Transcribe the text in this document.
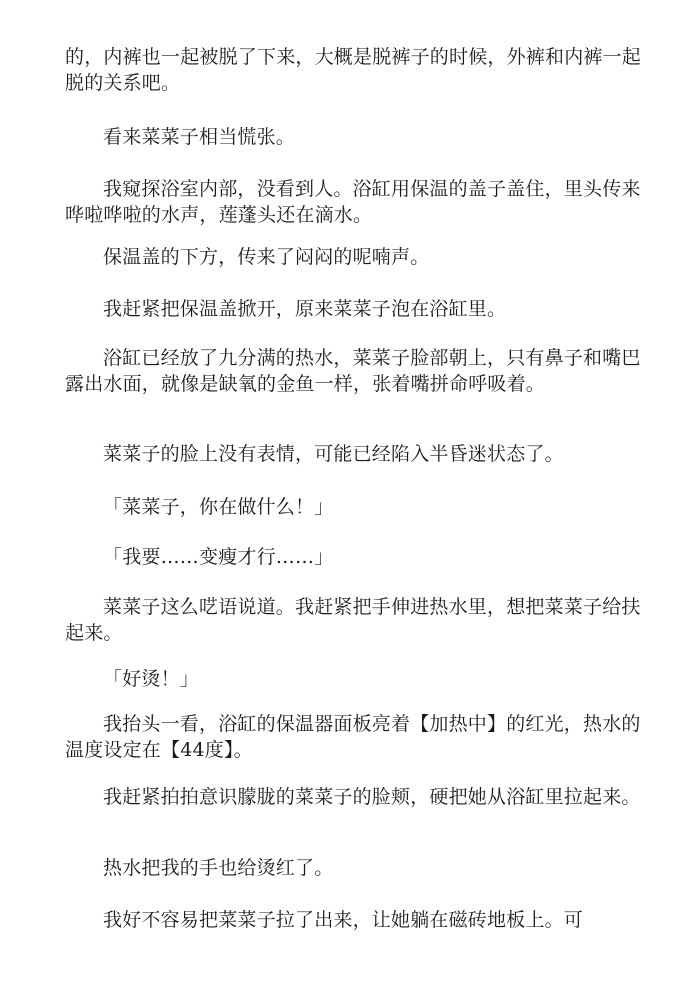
的，内裤也一起被脱了下来，大概是脱裤子的时候，外裤和内裤一起脱的关系吧。

看来菜菜子相当慌张。

我窥探浴室内部，没看到人。浴缸用保温的盖子盖住，里头传来哗啦哗啦的水声，莲蓬头还在滴水。

保温盖的下方，传来了闷闷的呢喃声。

我赶紧把保温盖掀开，原来菜菜子泡在浴缸里。

浴缸已经放了九分满的热水，菜菜子脸部朝上，只有鼻子和嘴巴露出水面，就像是缺氧的金鱼一样，张着嘴拼命呼吸着。

菜菜子的脸上没有表情，可能已经陷入半昏迷状态了。

「菜菜子，你在做什么！」

「我要……变瘦才行……」

菜菜子这么呓语说道。我赶紧把手伸进热水里，想把菜菜子给扶起来。

「好烫！」

我抬头一看，浴缸的保温器面板亮着【加热中】的红光，热水的温度设定在【44度】。

我赶紧拍拍意识朦胧的菜菜子的脸颊，硬把她从浴缸里拉起来。

热水把我的手也给烫红了。

我好不容易把菜菜子拉了出来，让她躺在磁砖地板上。可
